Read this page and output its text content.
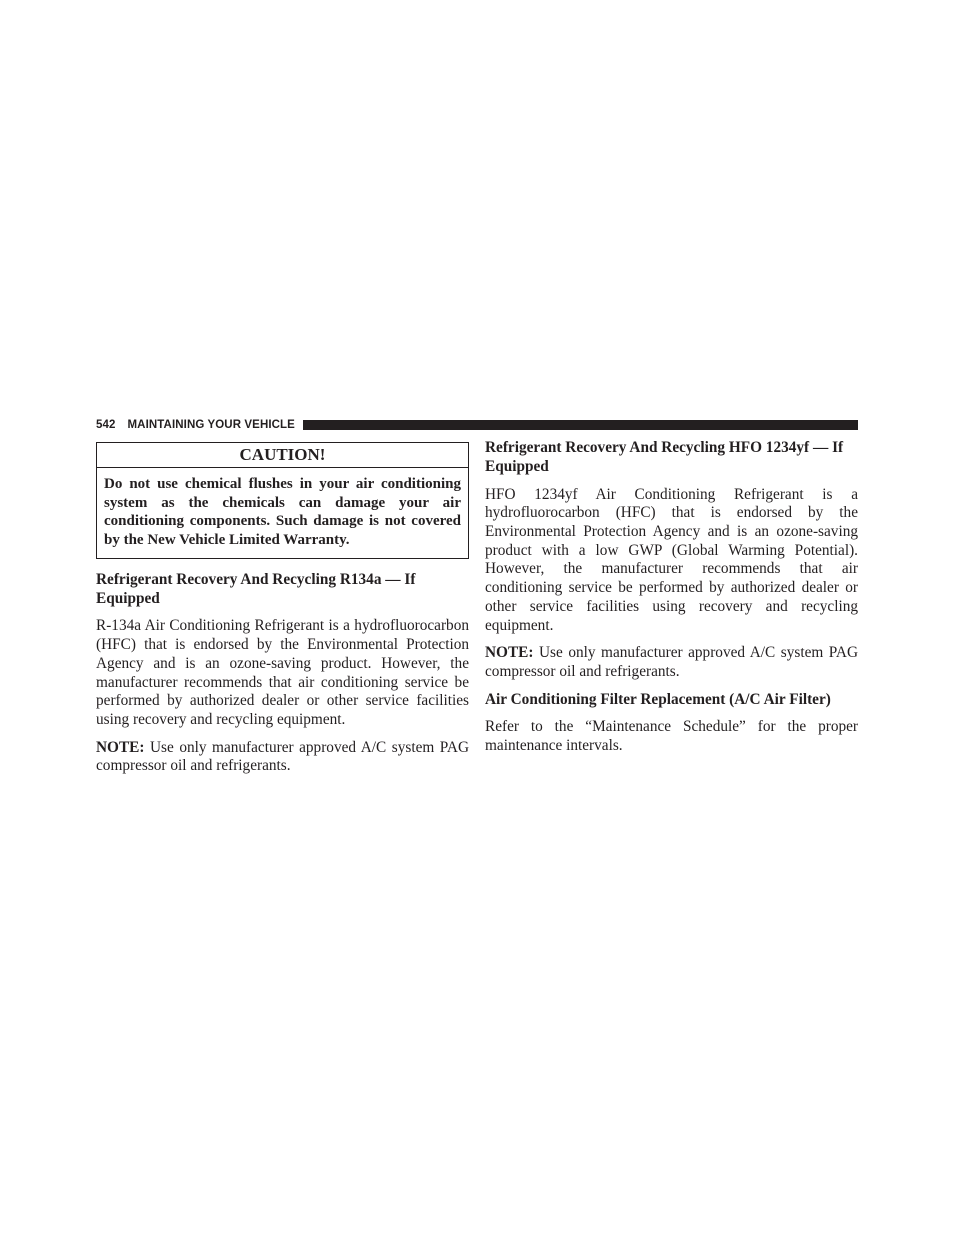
542 MAINTAINING YOUR VEHICLE
CAUTION!
Do not use chemical flushes in your air conditioning system as the chemicals can damage your air conditioning components. Such damage is not covered by the New Vehicle Limited Warranty.
Refrigerant Recovery And Recycling R134a — If Equipped

R-134a Air Conditioning Refrigerant is a hydrofluorocarbon (HFC) that is endorsed by the Environmental Protection Agency and is an ozone-saving product. However, the manufacturer recommends that air conditioning service be performed by authorized dealer or other service facilities using recovery and recycling equipment.

NOTE: Use only manufacturer approved A/C system PAG compressor oil and refrigerants.

Refrigerant Recovery And Recycling HFO 1234yf — If Equipped

HFO 1234yf Air Conditioning Refrigerant is a hydrofluorocarbon (HFC) that is endorsed by the Environmental Protection Agency and is an ozone-saving product with a low GWP (Global Warming Potential). However, the manufacturer recommends that air conditioning service be performed by authorized dealer or other service facilities using recovery and recycling equipment.

NOTE: Use only manufacturer approved A/C system PAG compressor oil and refrigerants.

Air Conditioning Filter Replacement (A/C Air Filter)

Refer to the “Maintenance Schedule” for the proper maintenance intervals.
